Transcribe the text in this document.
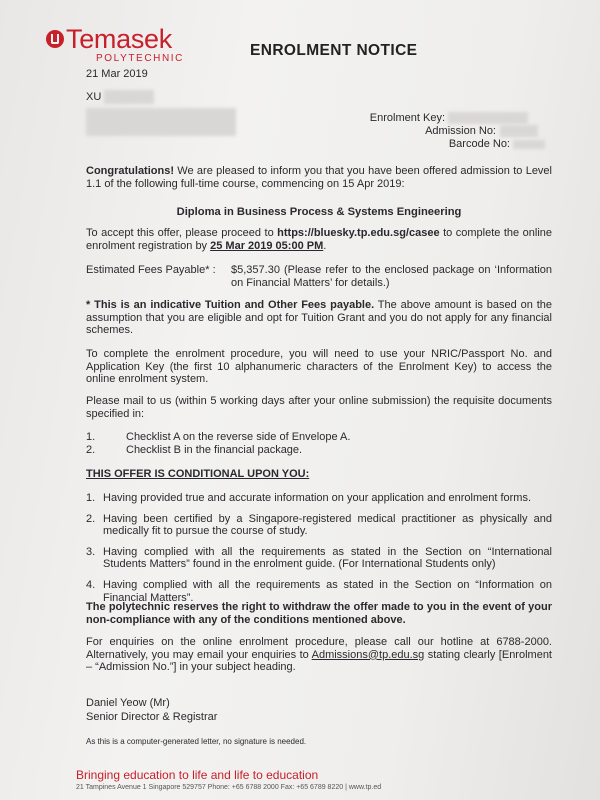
Temasek
POLYTECHNIC	ENROLMENT NOTICE
21 Mar 2019
XU
Enrolment Key:
Admission No:
Barcode No:
Congratulations! We are pleased to inform you that you have been offered admission to Level 1.1 of the following full-time course, commencing on 15 Apr 2019:
Diploma in Business Process & Systems Engineering
To accept this offer, please proceed to https://bluesky.tp.edu.sg/casee to complete the online enrolment registration by 25 Mar 2019 05:00 PM.
Estimated Fees Payable* :	$5,357.30 (Please refer to the enclosed package on ‘Information on Financial Matters’ for details.)
* This is an indicative Tuition and Other Fees payable. The above amount is based on the assumption that you are eligible and opt for Tuition Grant and you do not apply for any financial schemes.
To complete the enrolment procedure, you will need to use your NRIC/Passport No. and Application Key (the first 10 alphanumeric characters of the Enrolment Key) to access the online enrolment system.
Please mail to us (within 5 working days after your online submission) the requisite documents specified in:
1.	Checklist A on the reverse side of Envelope A.
2.	Checklist B in the financial package.
THIS OFFER IS CONDITIONAL UPON YOU:
1. Having provided true and accurate information on your application and enrolment forms.
2. Having been certified by a Singapore-registered medical practitioner as physically and medically fit to pursue the course of study.
3. Having complied with all the requirements as stated in the Section on “International Students Matters” found in the enrolment guide. (For International Students only)
4. Having complied with all the requirements as stated in the Section on “Information on Financial Matters”.
The polytechnic reserves the right to withdraw the offer made to you in the event of your non-compliance with any of the conditions mentioned above.
For enquiries on the online enrolment procedure, please call our hotline at 6788-2000. Alternatively, you may email your enquiries to Admissions@tp.edu.sg stating clearly [Enrolment – “Admission No.”] in your subject heading.
Daniel Yeow (Mr)
Senior Director & Registrar
As this is a computer-generated letter, no signature is needed.
Bringing education to life and life to education
21 Tampines Avenue 1 Singapore 529757 Phone: +65 6788 2000 Fax: +65 6789 8220 | www.tp.ed
